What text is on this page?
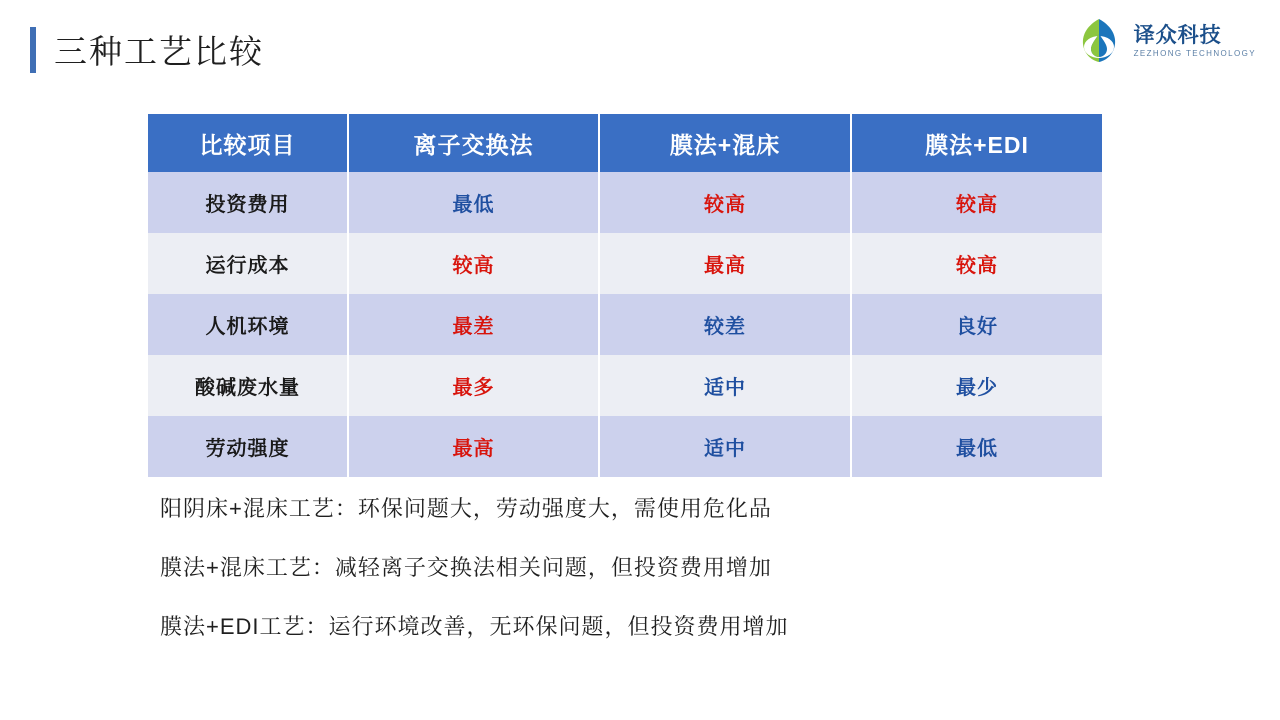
三种工艺比较	译众科技
ZEZHONG TECHNOLOGY
比较项目	离子交换法	膜法+混床	膜法+EDI
投资费用	最低	较高	较高
运行成本	较高	最高	较高
人机环境	最差	较差	良好
酸碱废水量	最多	适中	最少
劳动强度	最高	适中	最低
阳阴床+混床工艺：环保问题大，劳动强度大，需使用危化品
膜法+混床工艺：减轻离子交换法相关问题，但投资费用增加
膜法+EDI工艺：运行环境改善，无环保问题，但投资费用增加
